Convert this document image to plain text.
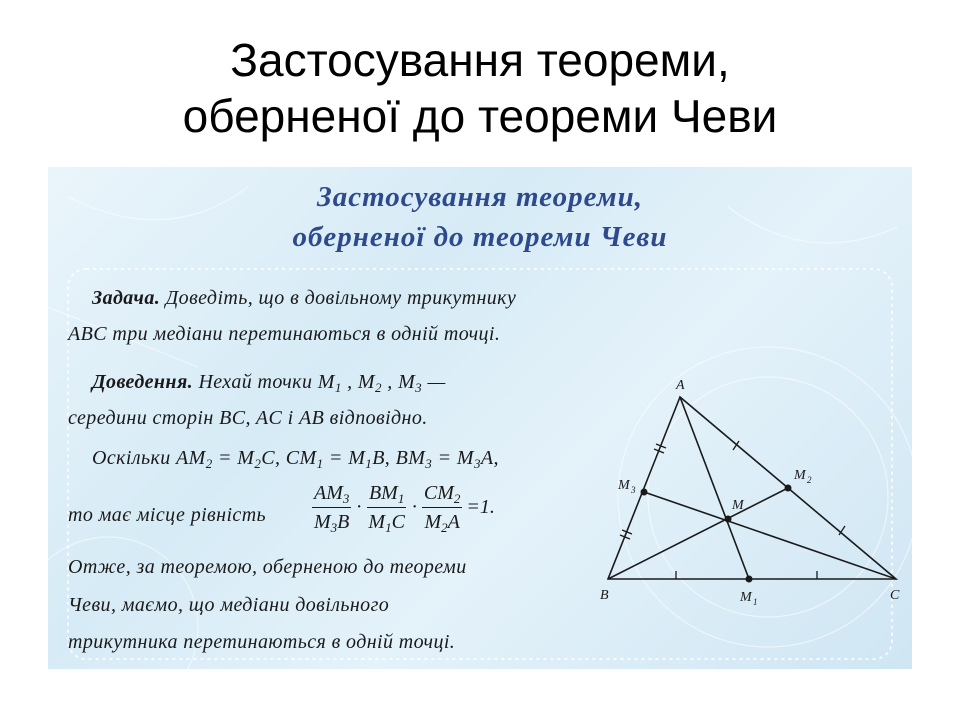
Застосування теореми,
оберненої до теореми Чеви
Застосування теореми,
оберненої до теореми Чеви
Задача. Доведіть, що в довільному трикутнику
ABC три медіани перетинаються в одній точці.
Доведення. Нехай точки $M_1$ , $M_2$ , $M_3$ —
середини сторін BC, AC і AB відповідно.
Оскільки $AM_2 = M_2C$, $CM_1 = M_1B$, $BM_3 = M_3A$,
то має місце рівність $\frac{AM_3}{M_3B} \cdot \frac{BM_1}{M_1C} \cdot \frac{CM_2}{M_2A} =1$.
Отже, за теоремою, оберненою до теореми
Чеви, маємо, що медіани довільного
трикутника перетинаються в одній точці.
A
B	C
M
M 1
M 2
M 3
